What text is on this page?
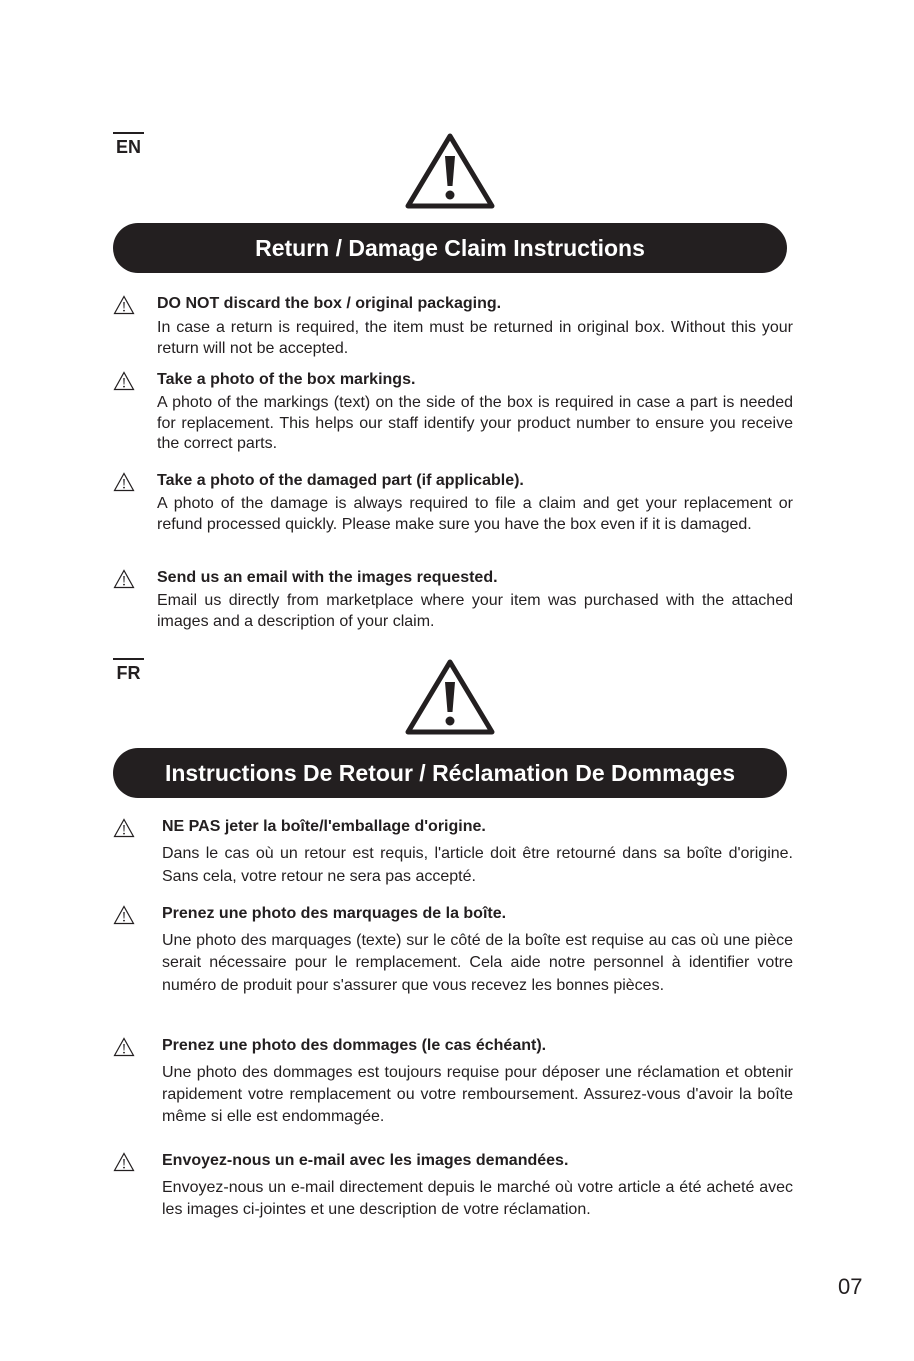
EN
Return / Damage Claim Instructions
DO NOT discard the box / original packaging.
In case a return is required, the item must be returned in original box. Without this your return will not be accepted.
Take a photo of the box markings.
A photo of the markings (text) on the side of the box is required in case a part is needed for replacement. This helps our staff identify your product number to ensure you receive the correct parts.
Take a photo of the damaged part (if applicable).
A photo of the damage is always required to file a claim and get your replacement or refund processed quickly. Please make sure you have the box even if it is damaged.
Send us an email with the images requested.
Email us directly from marketplace where your item was purchased with the attached images and a description of your claim.
FR
Instructions De Retour / Réclamation De Dommages
NE PAS jeter la boîte/l'emballage d'origine.
Dans le cas où un retour est requis, l'article doit être retourné dans sa boîte d'origine. Sans cela, votre retour ne sera pas accepté.
Prenez une photo des marquages de la boîte.
Une photo des marquages (texte) sur le côté de la boîte est requise au cas où une pièce serait nécessaire pour le remplacement. Cela aide notre personnel à identifier votre numéro de produit pour s'assurer que vous recevez les bonnes pièces.
Prenez une photo des dommages (le cas échéant).
Une photo des dommages est toujours requise pour déposer une réclamation et obtenir rapidement votre remplacement ou votre remboursement. Assurez-vous d'avoir la boîte même si elle est endommagée.
Envoyez-nous un e-mail avec les images demandées.
Envoyez-nous un e-mail directement depuis le marché où votre article a été acheté avec les images ci-jointes et une description de votre réclamation.
07
